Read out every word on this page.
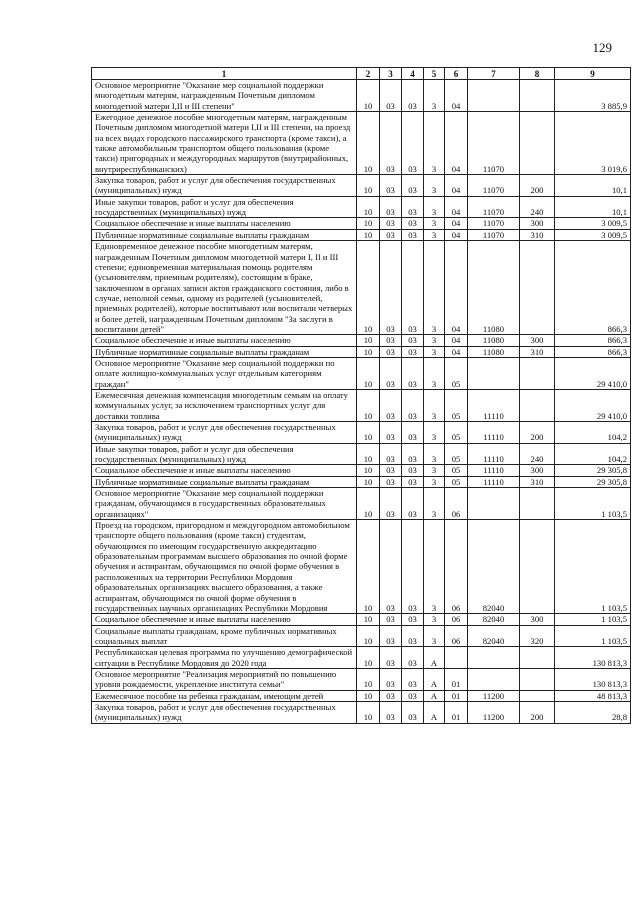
129
1	2	3	4	5	6	7	8	9

Основное мероприятие "Оказание мер социальной поддержки многодетным матерям, награжденным Почетным дипломом многодетной матери I,II и III степени"	10	03	03	3	04			3 885,9

Ежегодное денежное пособие многодетным матерям, награжденным Почетным дипломом многодетной матери I,II и III степени, на проезд на всех видах городского пассажирского транспорта (кроме такси), а также автомобильным транспортом общего пользования (кроме такси) пригородных и междугородных маршрутов (внутрирайонных, внутриреспубликанских)	10	03	03	3	04	11070		3 019,6

Закупка товаров, работ и услуг для обеспечения государственных (муниципальных) нужд	10	03	03	3	04	11070	200	10,1

Иные закупки товаров, работ и услуг для обеспечения государственных (муниципальных) нужд	10	03	03	3	04	11070	240	10,1

Социальное обеспечение и иные выплаты населению	10	03	03	3	04	11070	300	3 009,5

Публичные нормативные социальные выплаты гражданам	10	03	03	3	04	11070	310	3 009,5

Единовременное денежное пособие многодетным матерям, награжденным Почетным дипломом многодетной матери I, II и III степени; единовременная материальная помощь родителям (усыновителям, приемным родителям), состоящим в браке, заключенном в органах записи актов гражданского состояния, либо в случае, неполной семьи, одному из родителей (усыновителей, приемных родителей), которые воспитывают или воспитали четверых и более детей, награжденным Почетным дипломом "За заслуги в воспитании детей"	10	03	03	3	04	11080		866,3

Социальное обеспечение и иные выплаты населению	10	03	03	3	04	11080	300	866,3

Публичные нормативные социальные выплаты гражданам	10	03	03	3	04	11080	310	866,3

Основное мероприятие "Оказание мер социальной поддержки по оплате жилищно-коммунальных услуг отдельным категориям граждан"	10	03	03	3	05			29 410,0

Ежемесячная денежная компенсация многодетным семьям на оплату коммунальных услуг, за исключением транспортных услуг для доставки топлива	10	03	03	3	05	11110		29 410,0

Закупка товаров, работ и услуг для обеспечения государственных (муниципальных) нужд	10	03	03	3	05	11110	200	104,2

Иные закупки товаров, работ и услуг для обеспечения государственных (муниципальных) нужд	10	03	03	3	05	11110	240	104,2

Социальное обеспечение и иные выплаты населению	10	03	03	3	05	11110	300	29 305,8

Публичные нормативные социальные выплаты гражданам	10	03	03	3	05	11110	310	29 305,8

Основное мероприятие "Оказание мер социальной поддержки гражданам, обучающимся в государственных образовательных организациях"	10	03	03	3	06			1 103,5

Проезд на городском, пригородном и междугородном автомобильном транспорте общего пользования (кроме такси) студентам, обучающимся по имеющим государственную аккредитацию образовательным программам высшего образования по очной форме обучения и аспирантам, обучающимся по очной форме обучения в расположенных на территории Республики Мордовия образовательных организациях высшего образования, а также аспирантам, обучающимся по очной форме обучения в государственных научных организациях Республики Мордовия	10	03	03	3	06	82040		1 103,5

Социальное обеспечение и иные выплаты населению	10	03	03	3	06	82040	300	1 103,5

Социальные выплаты гражданам, кроме публичных нормативных социальных выплат	10	03	03	3	06	82040	320	1 103,5

Республиканская целевая программа по улучшению демографической ситуации в Республике Мордовия до 2020 года	10	03	03	А				130 813,3

Основное мероприятие "Реализация мероприятий по повышению уровня рождаемости, укрепление института семьи"	10	03	03	А	01			130 813,3

Ежемесячное пособие на ребенка гражданам, имеющим детей	10	03	03	А	01	11200		48 813,3

Закупка товаров, работ и услуг для обеспечения государственных (муниципальных) нужд	10	03	03	А	01	11200	200	28,8
